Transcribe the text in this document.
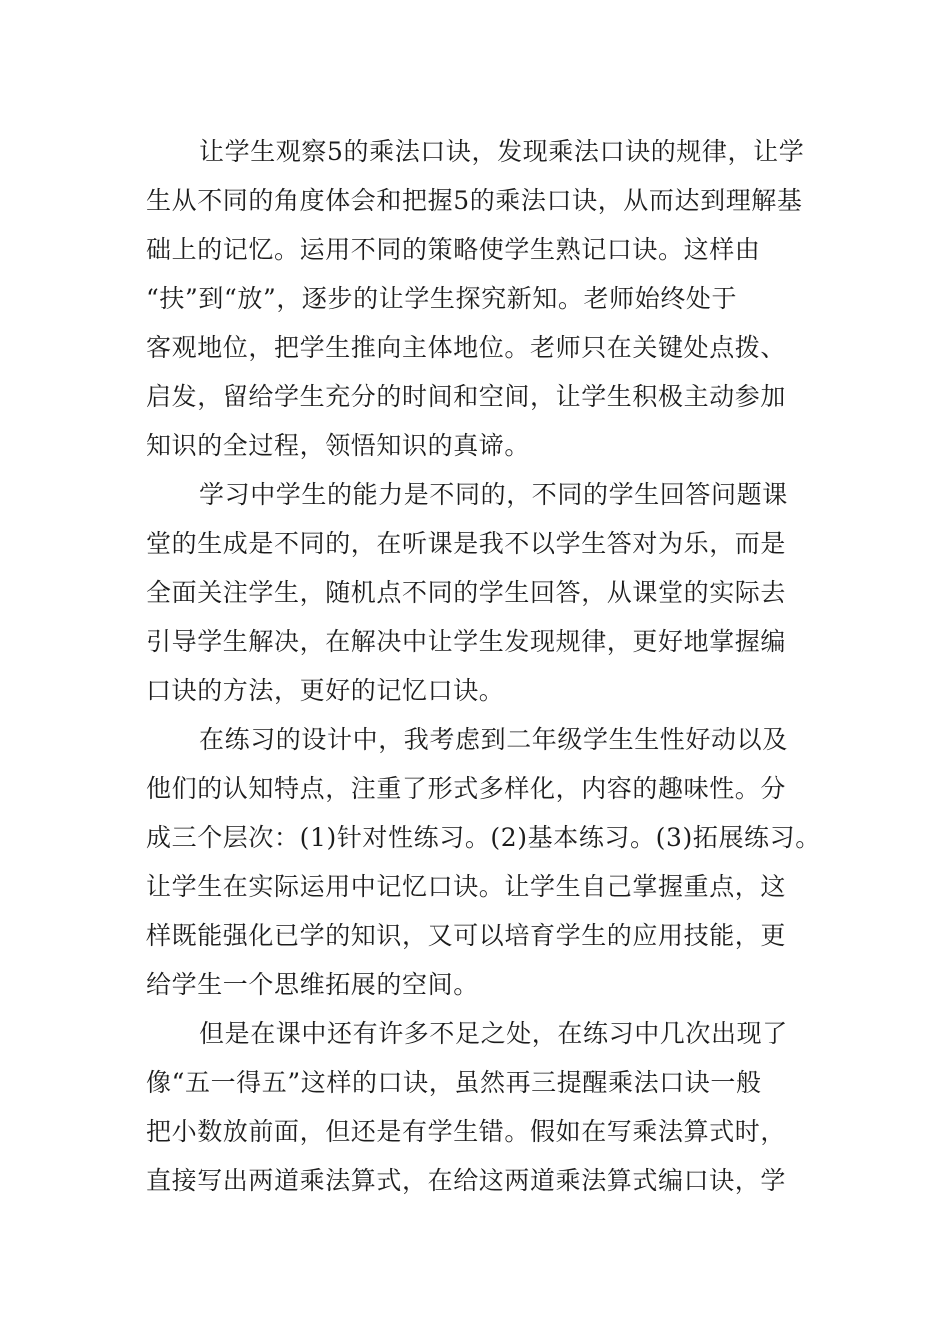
让学生观察5的乘法口诀，发现乘法口诀的规律，让学
生从不同的角度体会和把握5的乘法口诀，从而达到理解基
础上的记忆。运用不同的策略使学生熟记口诀。这样由
“扶”到“放”，逐步的让学生探究新知。老师始终处于
客观地位，把学生推向主体地位。老师只在关键处点拨、
启发，留给学生充分的时间和空间，让学生积极主动参加
知识的全过程，领悟知识的真谛。

学习中学生的能力是不同的，不同的学生回答问题课
堂的生成是不同的，在听课是我不以学生答对为乐，而是
全面关注学生，随机点不同的学生回答，从课堂的实际去
引导学生解决，在解决中让学生发现规律，更好地掌握编
口诀的方法，更好的记忆口诀。

在练习的设计中，我考虑到二年级学生生性好动以及
他们的认知特点，注重了形式多样化，内容的趣味性。分
成三个层次：(1)针对性练习。(2)基本练习。(3)拓展练习。
让学生在实际运用中记忆口诀。让学生自己掌握重点，这
样既能强化已学的知识，又可以培育学生的应用技能，更
给学生一个思维拓展的空间。

但是在课中还有许多不足之处，在练习中几次出现了
像“五一得五”这样的口诀，虽然再三提醒乘法口诀一般
把小数放前面，但还是有学生错。假如在写乘法算式时，
直接写出两道乘法算式，在给这两道乘法算式编口诀，学
